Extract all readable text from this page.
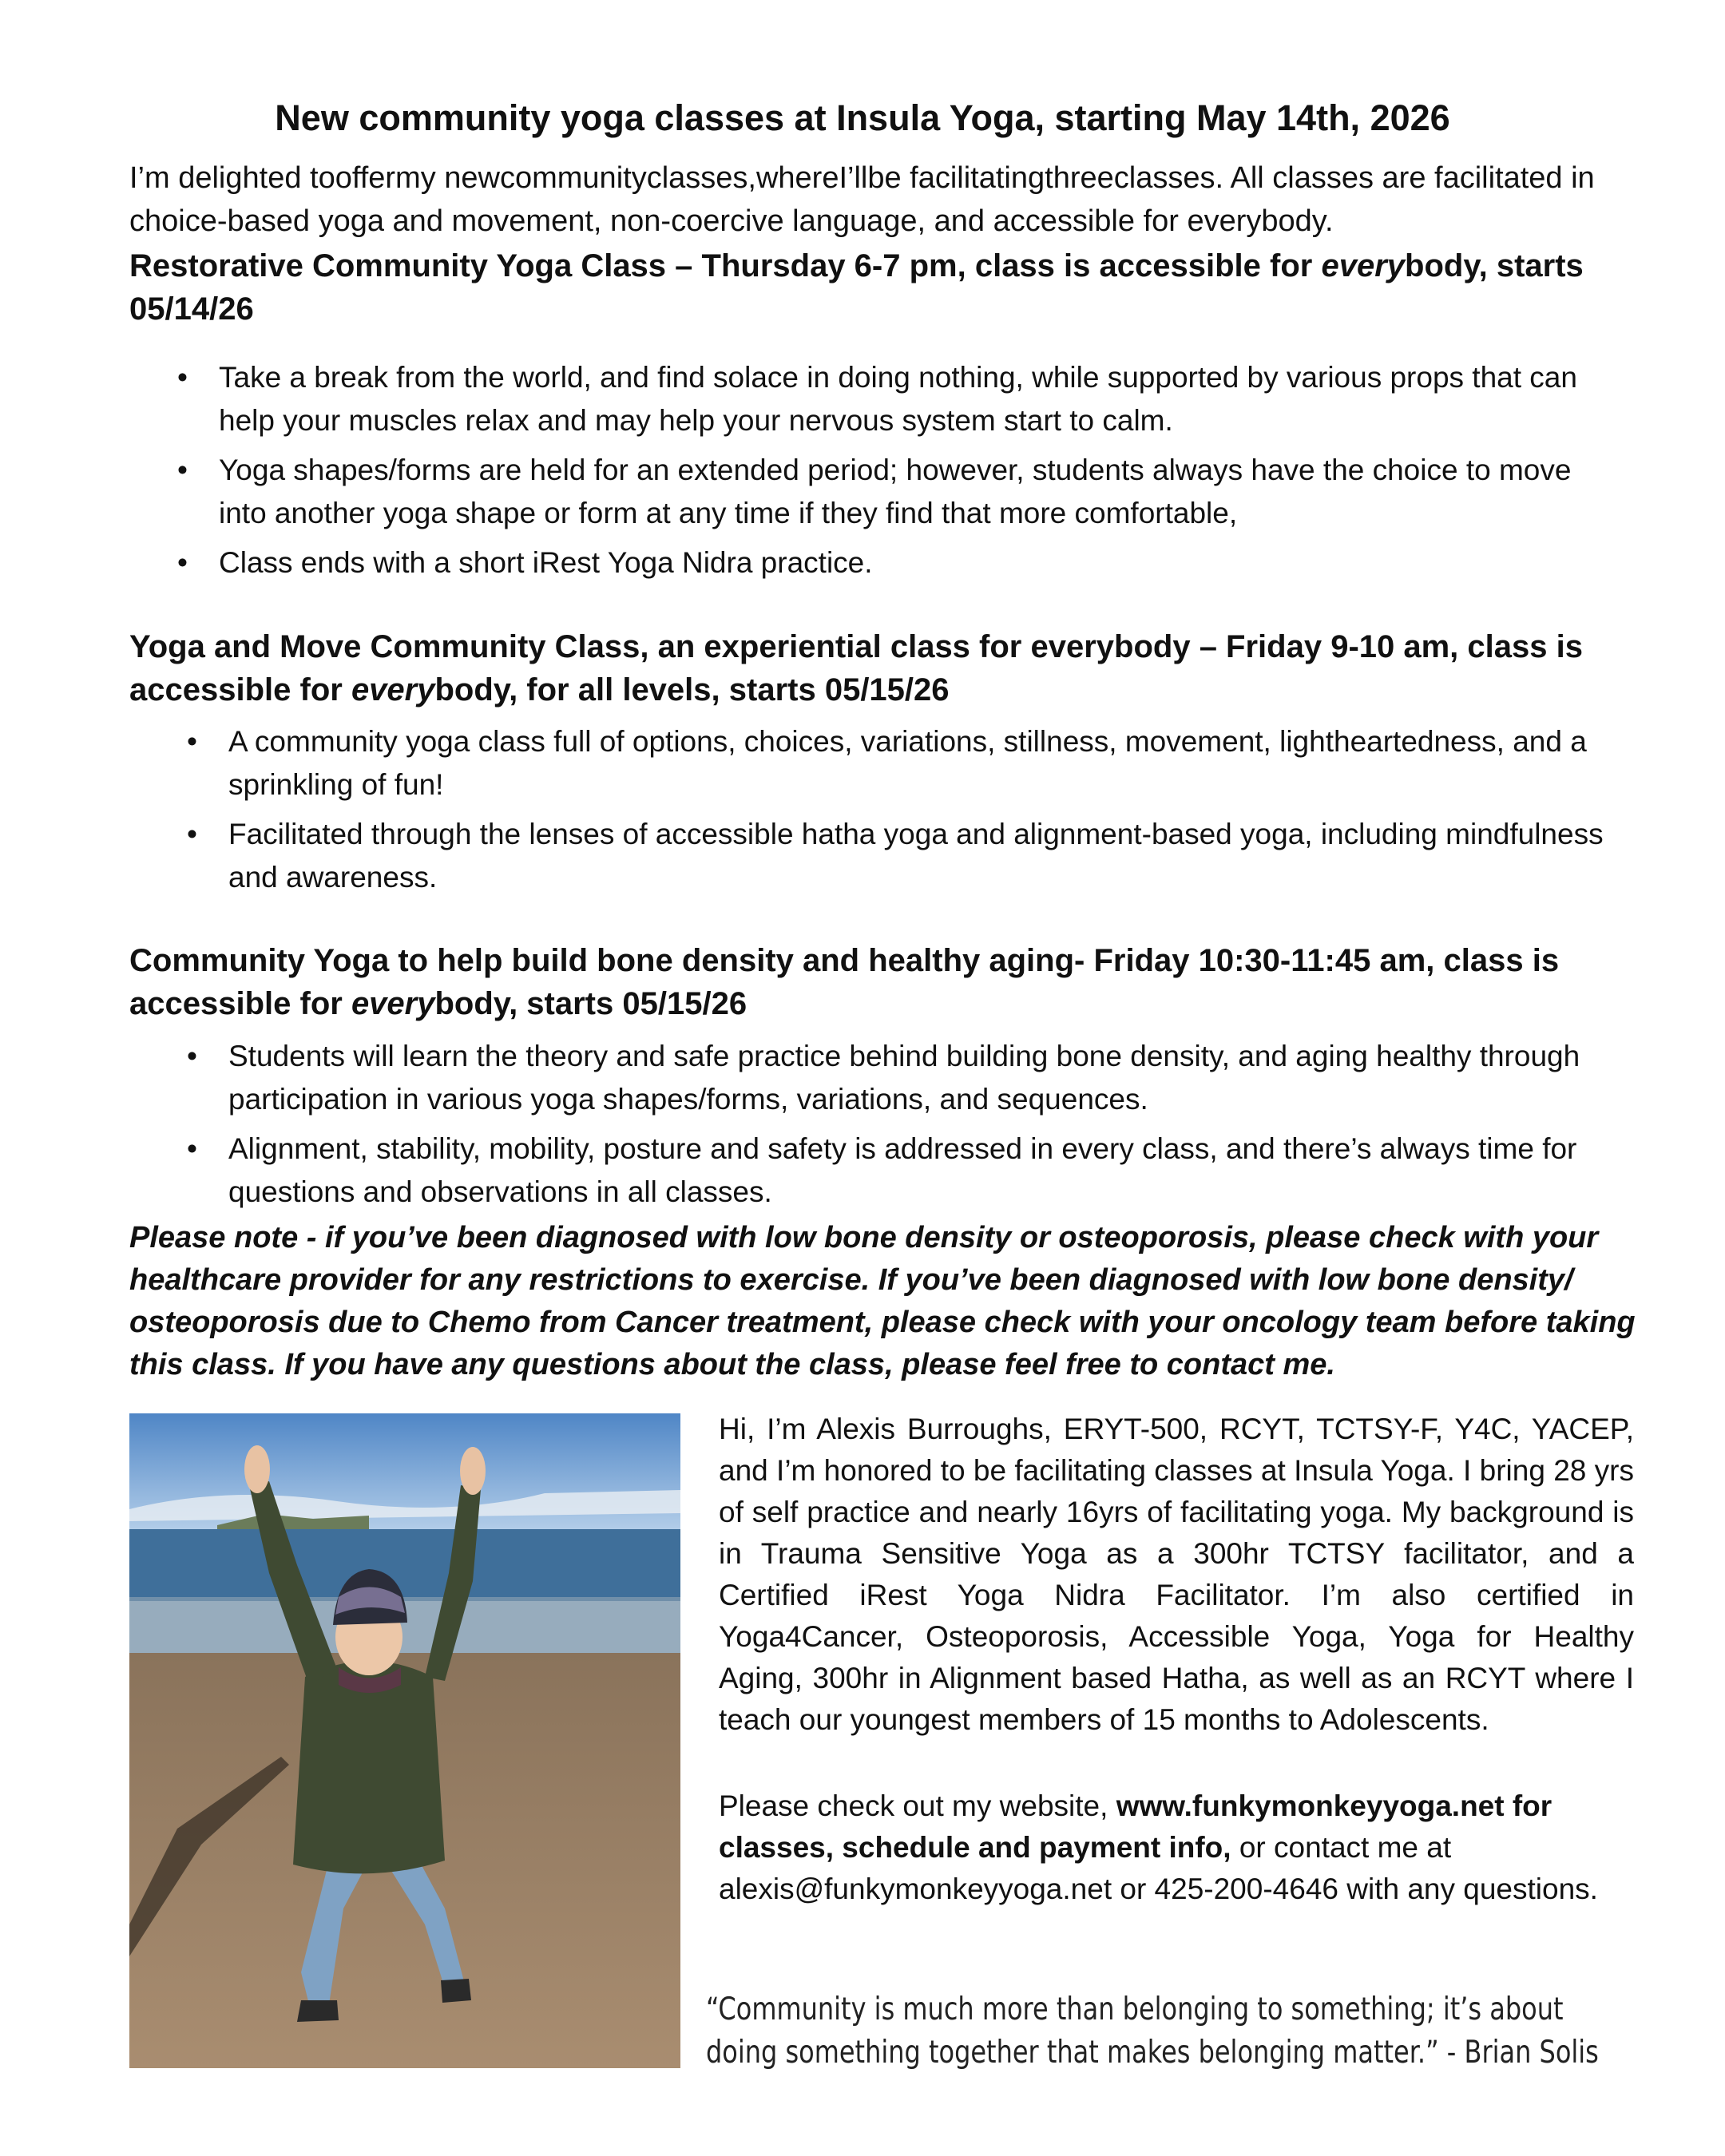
New community yoga classes at Insula Yoga, starting May 14th, 2026
I’m delighted tooffermy newcommunityclasses,whereI’llbe facilitatingthreeclasses. All classes are facilitated in choice-based yoga and movement, non-coercive language, and accessible for everybody.
Restorative Community Yoga Class – Thursday 6-7 pm, class is accessible for everybody, starts 05/14/26
• Take a break from the world, and find solace in doing nothing, while supported by various props that can help your muscles relax and may help your nervous system start to calm.
• Yoga shapes/forms are held for an extended period; however, students always have the choice to move into another yoga shape or form at any time if they find that more comfortable,
• Class ends with a short iRest Yoga Nidra practice.
Yoga and Move Community Class, an experiential class for everybody – Friday 9-10 am, class is accessible for everybody, for all levels, starts 05/15/26
• A community yoga class full of options, choices, variations, stillness, movement, lightheartedness, and a sprinkling of fun!
• Facilitated through the lenses of accessible hatha yoga and alignment-based yoga, including mindfulness and awareness.
Community Yoga to help build bone density and healthy aging- Friday 10:30-11:45 am, class is accessible for everybody, starts 05/15/26
• Students will learn the theory and safe practice behind building bone density, and aging healthy through participation in various yoga shapes/forms, variations, and sequences.
• Alignment, stability, mobility, posture and safety is addressed in every class, and there’s always time for questions and observations in all classes.
Please note - if you’ve been diagnosed with low bone density or osteoporosis, please check with your healthcare provider for any restrictions to exercise. If you’ve been diagnosed with low bone density/ osteoporosis due to Chemo from Cancer treatment, please check with your oncology team before taking this class. If you have any questions about the class, please feel free to contact me.
Hi, I’m Alexis Burroughs, ERYT-500, RCYT, TCTSY-F, Y4C, YACEP, and I’m honored to be facilitating classes at Insula Yoga. I bring 28 yrs of self practice and nearly 16yrs of facilitating yoga. My background is in Trauma Sensitive Yoga as a 300hr TCTSY facilitator, and a Certified iRest Yoga Nidra Facilitator. I’m also certified in Yoga4Cancer, Osteoporosis, Accessible Yoga, Yoga for Healthy Aging, 300hr in Alignment based Hatha, as well as an RCYT where I teach our youngest members of 15 months to Adolescents.
Please check out my website, www.funkymonkeyyoga.net for classes, schedule and payment info, or contact me at alexis@funkymonkeyyoga.net or 425-200-4646 with any questions.
“Community is much more than belonging to something; it’s about
doing something together that makes belonging matter.” - Brian Solis
